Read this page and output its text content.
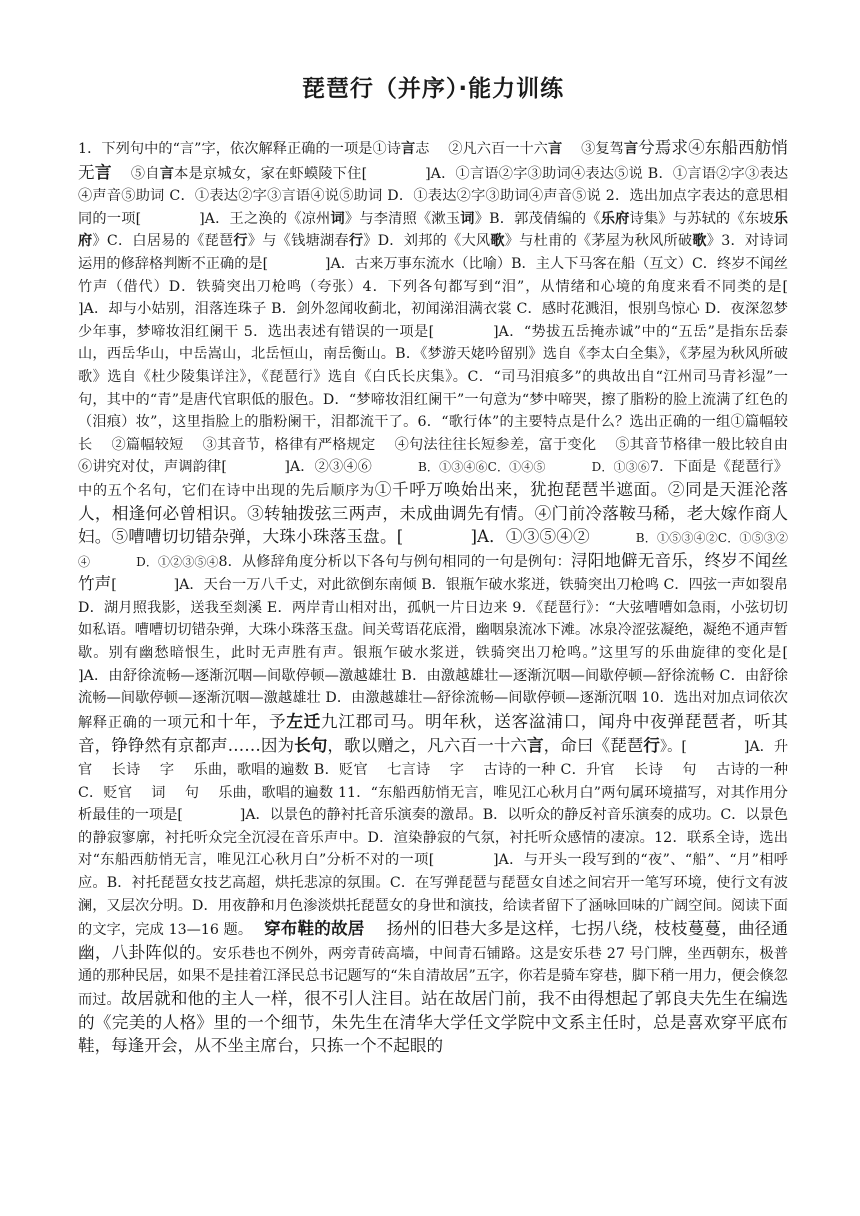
琵琶行（并序）·能力训练

1．下列句中的“言”字，依次解释正确的一项是①诗言志　 ②凡六百一十六言　 ③复驾言兮焉求④东船西舫悄无言　 ⑤自言本是京城女，家在虾蟆陵下住[　　　　]A．①言语②字③助词④表达⑤说 B．①言语②字③表达④声音⑤助词 C．①表达②字③言语④说⑤助词 D．①表达②字③助词④声音⑤说 2．选出加点字表达的意思相同的一项[　　　　]A．王之涣的《凉州词》与李清照《漱玉词》B．郭茂倩编的《乐府诗集》与苏轼的《东坡乐府》C．白居易的《琵琶行》与《钱塘湖春行》D．刘邦的《大风歌》与杜甫的《茅屋为秋风所破歌》3．对诗词运用的修辞格判断不正确的是[　　　　]A．古来万事东流水（比喻）B．主人下马客在船（互文）C．终岁不闻丝竹声（借代）D．铁骑突出刀枪鸣（夸张）4．下列各句都写到“泪”，从情绪和心境的角度来看不同类的是[　　　　]A．却与小姑别，泪落连珠子 B．剑外忽闻收蓟北，初闻涕泪满衣裳 C．感时花溅泪，恨别鸟惊心 D．夜深忽梦少年事，梦啼妆泪红阑干 5．选出表述有错误的一项是[　　　　]A．“势拔五岳掩赤诚”中的“五岳”是指东岳泰山，西岳华山，中岳嵩山，北岳恒山，南岳衡山。B．《梦游天姥吟留别》选自《李太白全集》，《茅屋为秋风所破歌》选自《杜少陵集详注》，《琵琶行》选自《白氏长庆集》。C．“司马泪痕多”的典故出自“江州司马青衫湿”一句，其中的“青”是唐代官职低的服色。D．“梦啼妆泪红阑干”一句意为“梦中啼哭，擦了脂粉的脸上流满了红色的（泪痕）妆”，这里指脸上的脂粉阑干，泪都流干了。6．“歌行体”的主要特点是什么？选出正确的一组①篇幅较长　 ②篇幅较短　 ③其音节，格律有严格规定　 ④句法往往长短参差，富于变化　 ⑤其音节格律一般比较自由　 ⑥讲究对仗，声调韵律[　　　　]A．②③④⑥	B．①③④⑥C．①④⑤	D．①③⑥7．下面是《琵琶行》中的五个名句，它们在诗中出现的先后顺序为①千呼万唤始出来，犹抱琵琶半遮面。②同是天涯沦落人，相逢何必曾相识。③转轴拨弦三两声，未成曲调先有情。④门前冷落鞍马稀，老大嫁作商人妇。⑤嘈嘈切切错杂弹，大珠小珠落玉盘。[　　　　]A．①③⑤④②	B．①⑤③④②C．①⑤③②④	D．①②③⑤④8．从修辞角度分析以下各句与例句相同的一句是例句：浔阳地僻无音乐，终岁不闻丝竹声[　　　　]A．天台一万八千丈，对此欲倒东南倾 B．银瓶乍破水浆迸，铁骑突出刀枪鸣 C．四弦一声如裂帛 D．湖月照我影，送我至剡溪 E．两岸青山相对出，孤帆一片日边来 9．《琵琶行》：“大弦嘈嘈如急雨，小弦切切如私语。嘈嘈切切错杂弹，大珠小珠落玉盘。间关莺语花底滑，幽咽泉流冰下滩。冰泉冷涩弦凝绝，凝绝不通声暂歇。别有幽愁暗恨生，此时无声胜有声。银瓶乍破水浆迸，铁骑突出刀枪鸣。”这里写的乐曲旋律的变化是[　　　　]A．由舒徐流畅—逐渐沉咽—间歇停顿—激越雄壮 B．由激越雄壮—逐渐沉咽—间歇停顿—舒徐流畅 C．由舒徐流畅—间歇停顿—逐渐沉咽—激越雄壮 D．由激越雄壮—舒徐流畅—间歇停顿—逐渐沉咽 10．选出对加点词依次解释正确的一项元和十年，予左迁九江郡司马。明年秋，送客湓浦口，闻舟中夜弹琵琶者，听其音，铮铮然有京都声……因为长句，歌以赠之，凡六百一十六言，命曰《琵琶行》。[　　　　]A．升官　 长诗　 字　 乐曲，歌唱的遍数 B．贬官　 七言诗　 字　 古诗的一种 C．升官　 长诗　 句　 古诗的一种 C．贬官　 词　 句　 乐曲，歌唱的遍数 11．“东船西舫悄无言，唯见江心秋月白”两句属环境描写，对其作用分析最佳的一项是[　　　　]A．以景色的静衬托音乐演奏的激昂。B．以听众的静反衬音乐演奏的成功。C．以景色的静寂寥廓，衬托听众完全沉浸在音乐声中。D．渲染静寂的气氛，衬托听众感情的凄凉。12．联系全诗，选出对“东船西舫悄无言，唯见江心秋月白”分析不对的一项[　　　　]A．与开头一段写到的“夜”、“船”、“月”相呼应。B．衬托琵琶女技艺高超，烘托悲凉的氛围。C．在写弹琵琶与琵琶女自述之间宕开一笔写环境，使行文有波澜，又层次分明。D．用夜静和月色渗淡烘托琵琶女的身世和演技，给读者留下了涵咏回味的广阔空间。阅读下面的文字，完成 13—16 题。　 穿布鞋的故居　 扬州的旧巷大多是这样，七拐八绕，枝枝蔓蔓，曲径通幽，八卦阵似的。安乐巷也不例外，两旁青砖高墙，中间青石铺路。这是安乐巷 27 号门牌，坐西朝东，极普通的那种民居，如果不是挂着江泽民总书记题写的“朱自清故居”五字，你若是骑车穿巷，脚下稍一用力，便会倏忽而过。故居就和他的主人一样，很不引人注目。站在故居门前，我不由得想起了郭良夫先生在编选的《完美的人格》里的一个细节，朱先生在清华大学任文学院中文系主任时，总是喜欢穿平底布鞋，每逢开会，从不坐主席台，只拣一个不起眼的
